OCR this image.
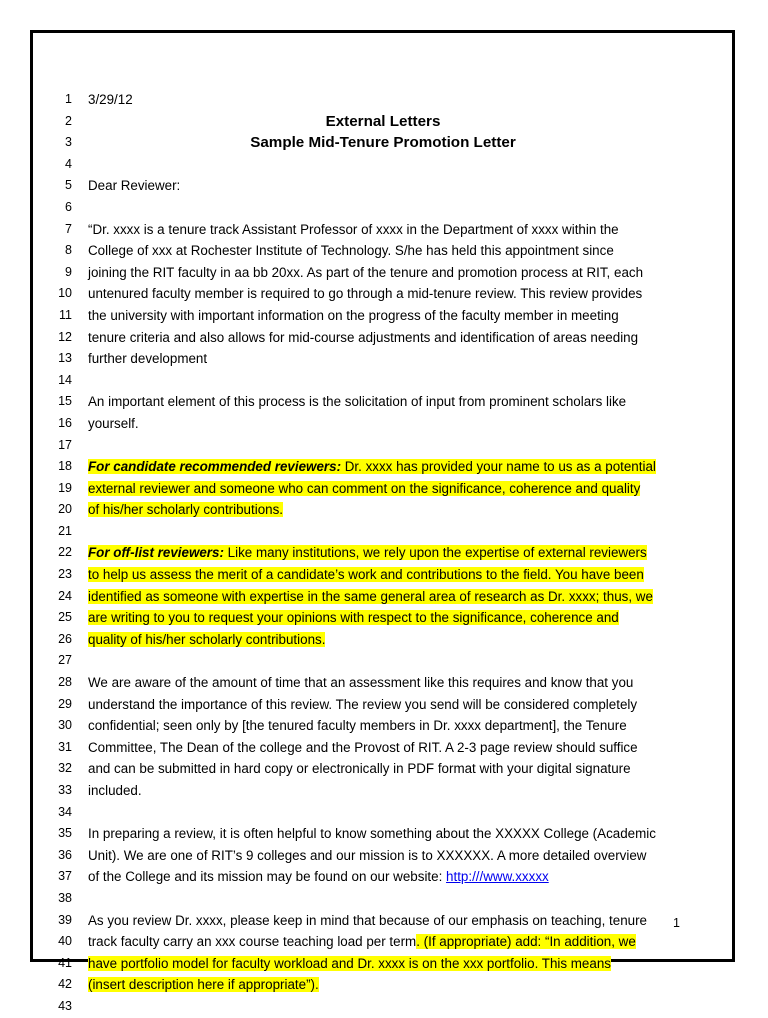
1
2
3
4
5
6
7
8
9
10
11
12
13
14
15
16
17
18
19
20
21
22
23
24
25
26
27
28
29
30
31
32
33
34
35
36
37
38
39
40
41
42
43
3/29/12
External Letters
Sample Mid-Tenure Promotion Letter
Dear Reviewer:
“Dr. xxxx is a tenure track Assistant Professor of xxxx in the Department of xxxx within the
College of xxx at Rochester Institute of Technology. S/he has held this appointment since
joining the RIT faculty in aa bb 20xx. As part of the tenure and promotion process at RIT, each
untenured faculty member is required to go through a mid-tenure review. This review provides
the university with important information on the progress of the faculty member in meeting
tenure criteria and also allows for mid-course adjustments and identification of areas needing
further development
An important element of this process is the solicitation of input from prominent scholars like
yourself.
For candidate recommended reviewers: Dr. xxxx has provided your name to us as a potential
external reviewer and someone who can comment on the significance, coherence and quality
of his/her scholarly contributions.
For off-list reviewers: Like many institutions, we rely upon the expertise of external reviewers
to help us assess the merit of a candidate’s work and contributions to the field. You have been
identified as someone with expertise in the same general area of research as Dr. xxxx; thus, we
are writing to you to request your opinions with respect to the significance, coherence and
quality of his/her scholarly contributions.
We are aware of the amount of time that an assessment like this requires and know that you
understand the importance of this review. The review you send will be considered completely
confidential; seen only by [the tenured faculty members in Dr. xxxx department], the Tenure
Committee, The Dean of the college and the Provost of RIT. A 2-3 page review should suffice
and can be submitted in hard copy or electronically in PDF format with your digital signature
included.
In preparing a review, it is often helpful to know something about the XXXXX College (Academic
Unit). We are one of RIT’s 9 colleges and our mission is to XXXXXX. A more detailed overview
of the College and its mission may be found on our website: http:///www.xxxxx
As you review Dr. xxxx, please keep in mind that because of our emphasis on teaching, tenure
track faculty carry an xxx course teaching load per term. (If appropriate) add: “In addition, we
have portfolio model for faculty workload and Dr. xxxx is on the xxx portfolio. This means
(insert description here if appropriate”).
1
